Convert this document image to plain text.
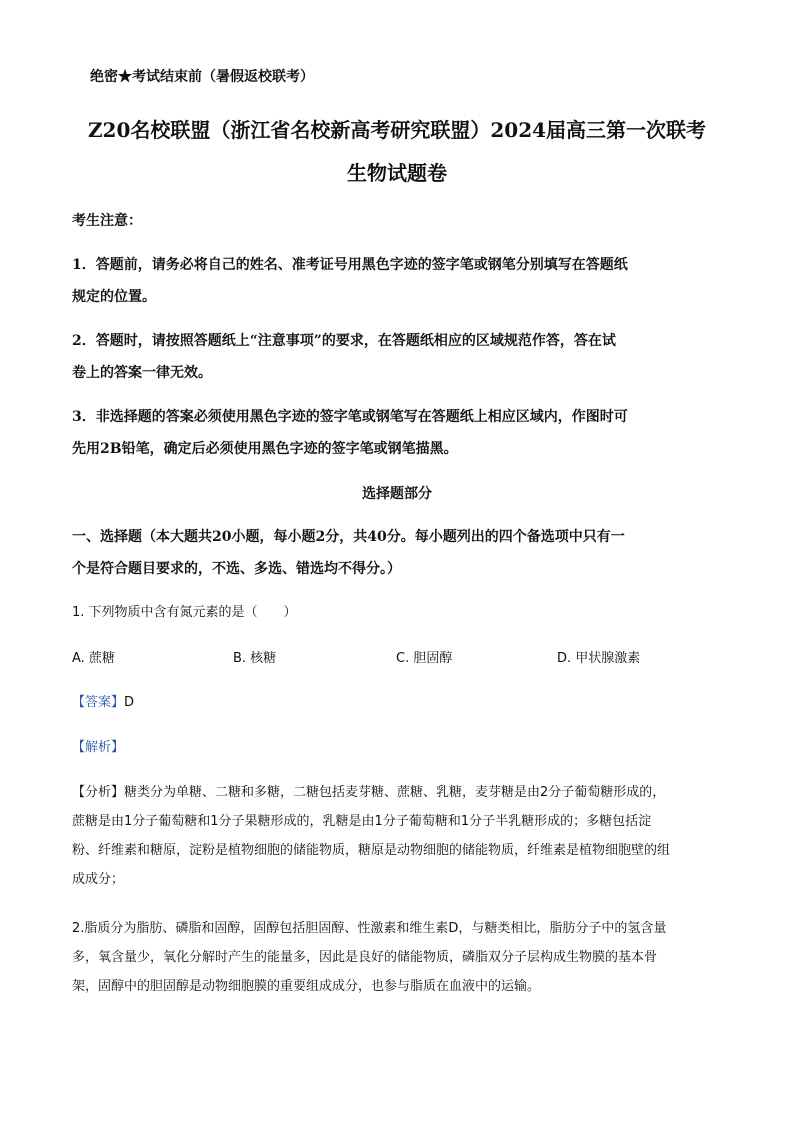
绝密★考试结束前（暑假返校联考）
Z20名校联盟（浙江省名校新高考研究联盟）2024届高三第一次联考
生物试题卷
考生注意：
1．答题前，请务必将自己的姓名、准考证号用黑色字迹的签字笔或钢笔分别填写在答题纸
规定的位置。
2．答题时，请按照答题纸上“注意事项”的要求，在答题纸相应的区域规范作答，答在试
卷上的答案一律无效。
3．非选择题的答案必须使用黑色字迹的签字笔或钢笔写在答题纸上相应区域内，作图时可
先用2B铅笔，确定后必须使用黑色字迹的签字笔或钢笔描黑。
选择题部分
一、选择题（本大题共20小题，每小题2分，共40分。每小题列出的四个备选项中只有一
个是符合题目要求的，不选、多选、错选均不得分。）
1. 下列物质中含有氮元素的是（　　）
A. 蔗糖	B. 核糖	C. 胆固醇	D. 甲状腺激素
【答案】D
【解析】
【分析】糖类分为单糖、二糖和多糖，二糖包括麦芽糖、蔗糖、乳糖，麦芽糖是由2分子葡萄糖形成的，
蔗糖是由1分子葡萄糖和1分子果糖形成的，乳糖是由1分子葡萄糖和1分子半乳糖形成的；多糖包括淀
粉、纤维素和糖原，淀粉是植物细胞的储能物质，糖原是动物细胞的储能物质，纤维素是植物细胞壁的组
成成分；
2.脂质分为脂肪、磷脂和固醇，固醇包括胆固醇、性激素和维生素D，与糖类相比，脂肪分子中的氢含量
多，氧含量少，氧化分解时产生的能量多，因此是良好的储能物质，磷脂双分子层构成生物膜的基本骨
架，固醇中的胆固醇是动物细胞膜的重要组成成分，也参与脂质在血液中的运输。
